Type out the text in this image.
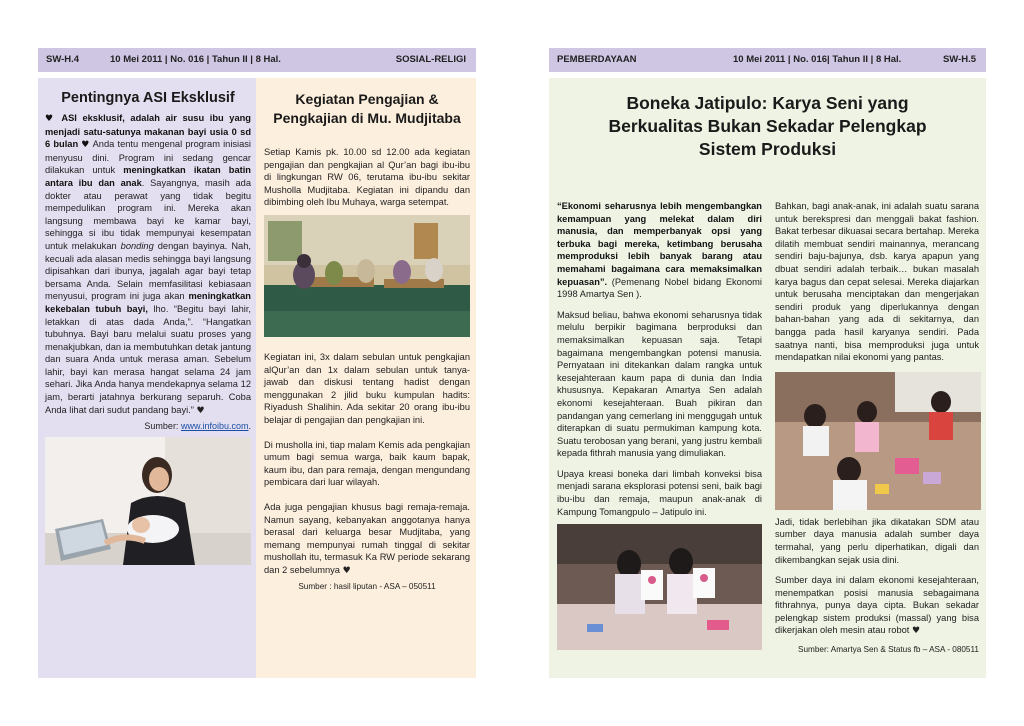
SW-H.4	10 Mei 2011 | No. 016 | Tahun II | 8 Hal.	SOSIAL-RELIGI
Pentingnya ASI Eksklusif

♥ ASI eksklusif, adalah air susu ibu yang menjadi satu-satunya makanan bayi usia 0 sd 6 bulan ♥ Anda tentu mengenal program inisiasi menyusu dini. Program ini sedang gencar dilakukan untuk meningkatkan ikatan batin antara ibu dan anak. Sayangnya, masih ada dokter atau perawat yang tidak begitu mempedulikan program ini. Mereka akan langsung membawa bayi ke kamar bayi, sehingga si ibu tidak mempunyai kesempatan untuk melakukan bonding dengan bayinya. Nah, kecuali ada alasan medis sehingga bayi langsung dipisahkan dari ibunya, jagalah agar bayi tetap bersama Anda. Selain memfasilitasi kebiasaan menyusui, program ini juga akan meningkatkan kekebalan tubuh bayi, lho. “Begitu bayi lahir, letakkan di atas dada Anda,”. “Hangatkan tubuhnya. Bayi baru melalui suatu proses yang menakjubkan, dan ia membutuhkan detak jantung dan suara Anda untuk merasa aman. Sebelum lahir, bayi kan merasa hangat selama 24 jam sehari. Jika Anda hanya mendekapnya selama 12 jam, berarti jatahnya berkurang separuh. Coba Anda lihat dari sudut pandang bayi.” ♥

Sumber: www.infoibu.com.
Kegiatan Pengajian & Pengkajian di Mu. Mudjitaba

Setiap Kamis pk. 10.00 sd 12.00 ada kegiatan pengajian dan pengkajian al Qur’an bagi ibu-ibu di lingkungan RW 06, terutama ibu-ibu sekitar Musholla Mudjitaba. Kegiatan ini dipandu dan dibimbing oleh Ibu Muhaya, warga setempat.

Kegiatan ini, 3x dalam sebulan untuk pengkajian alQur’an dan 1x dalam sebulan untuk tanya-jawab dan diskusi tentang hadist dengan menggunakan 2 jilid buku kumpulan hadits: Riyadush Shalihin. Ada sekitar 20 orang ibu-ibu belajar di pengajian dan pengkajian ini.

Di musholla ini, tiap malam Kemis ada pengkajian umum bagi semua warga, baik kaum bapak, kaum ibu, dan para remaja, dengan mengundang pembicara dari luar wilayah.

Ada juga pengajian khusus bagi remaja-remaja. Namun sayang, kebanyakan anggotanya hanya berasal dari keluarga besar Mudjitaba, yang memang mempunyai rumah tinggal di sekitar mushollah itu, termasuk Ka RW periode sekarang dan 2 sebelumnya ♥

Sumber : hasil liputan - ASA – 050511
PEMBERDAYAAN	10 Mei 2011 | No. 016| Tahun II | 8 Hal.	SW-H.5
Boneka Jatipulo: Karya Seni yang Berkualitas Bukan Sekadar Pelengkap Sistem Produksi

“Ekonomi seharusnya lebih mengembangkan kemampuan yang melekat dalam diri manusia, dan memperbanyak opsi yang terbuka bagi mereka, ketimbang berusaha memproduksi lebih banyak barang atau memahami bagaimana cara memaksimalkan kepuasan”. (Pemenang Nobel bidang Ekonomi 1998 Amartya Sen ).

Maksud beliau, bahwa ekonomi seharusnya tidak melulu berpikir bagimana berproduksi dan memaksimalkan kepuasan saja. Tetapi bagaimana mengembangkan potensi manusia. Pernyataan ini ditekankan dalam rangka untuk kesejahteraan kaum papa di dunia dan India khususnya. Kepakaran Amartya Sen adalah ekonomi kesejahteraan. Buah pikiran dan pandangan yang cemerlang ini menggugah untuk diterapkan di suatu permukiman kampung kota. Suatu terobosan yang berani, yang justru kembali kepada fithrah manusia yang dimuliakan.

Upaya kreasi boneka dari limbah konveksi bisa menjadi sarana eksplorasi potensi seni, baik bagi ibu-ibu dan remaja, maupun anak-anak di Kampung Tomangpulo – Jatipulo ini.

Bahkan, bagi anak-anak, ini adalah suatu sarana untuk berekspresi dan menggali bakat fashion. Bakat terbesar dikuasai secara bertahap. Mereka dilatih membuat sendiri mainannya, merancang sendiri baju-bajunya, dsb. karya apapun yang dbuat sendiri adalah terbaik… bukan masalah karya bagus dan cepat selesai. Mereka diajarkan untuk berusaha menciptakan dan mengerjakan sendiri produk yang diperlukannya dengan bahan-bahan yang ada di sekitarnya, dan bangga pada hasil karyanya sendiri. Pada saatnya nanti, bisa memproduksi juga untuk mendapatkan nilai ekonomi yang pantas.

Jadi, tidak berlebihan jika dikatakan SDM atau sumber daya manusia adalah sumber daya termahal, yang perlu diperhatikan, digali dan dikembangkan sejak usia dini.

Sumber daya ini dalam ekonomi kesejahteraan, menempatkan posisi manusia sebagaimana fithrahnya, punya daya cipta. Bukan sekadar pelengkap sistem produksi (massal) yang bisa dikerjakan oleh mesin atau robot ♥

Sumber: Amartya Sen & Status fb – ASA - 080511
